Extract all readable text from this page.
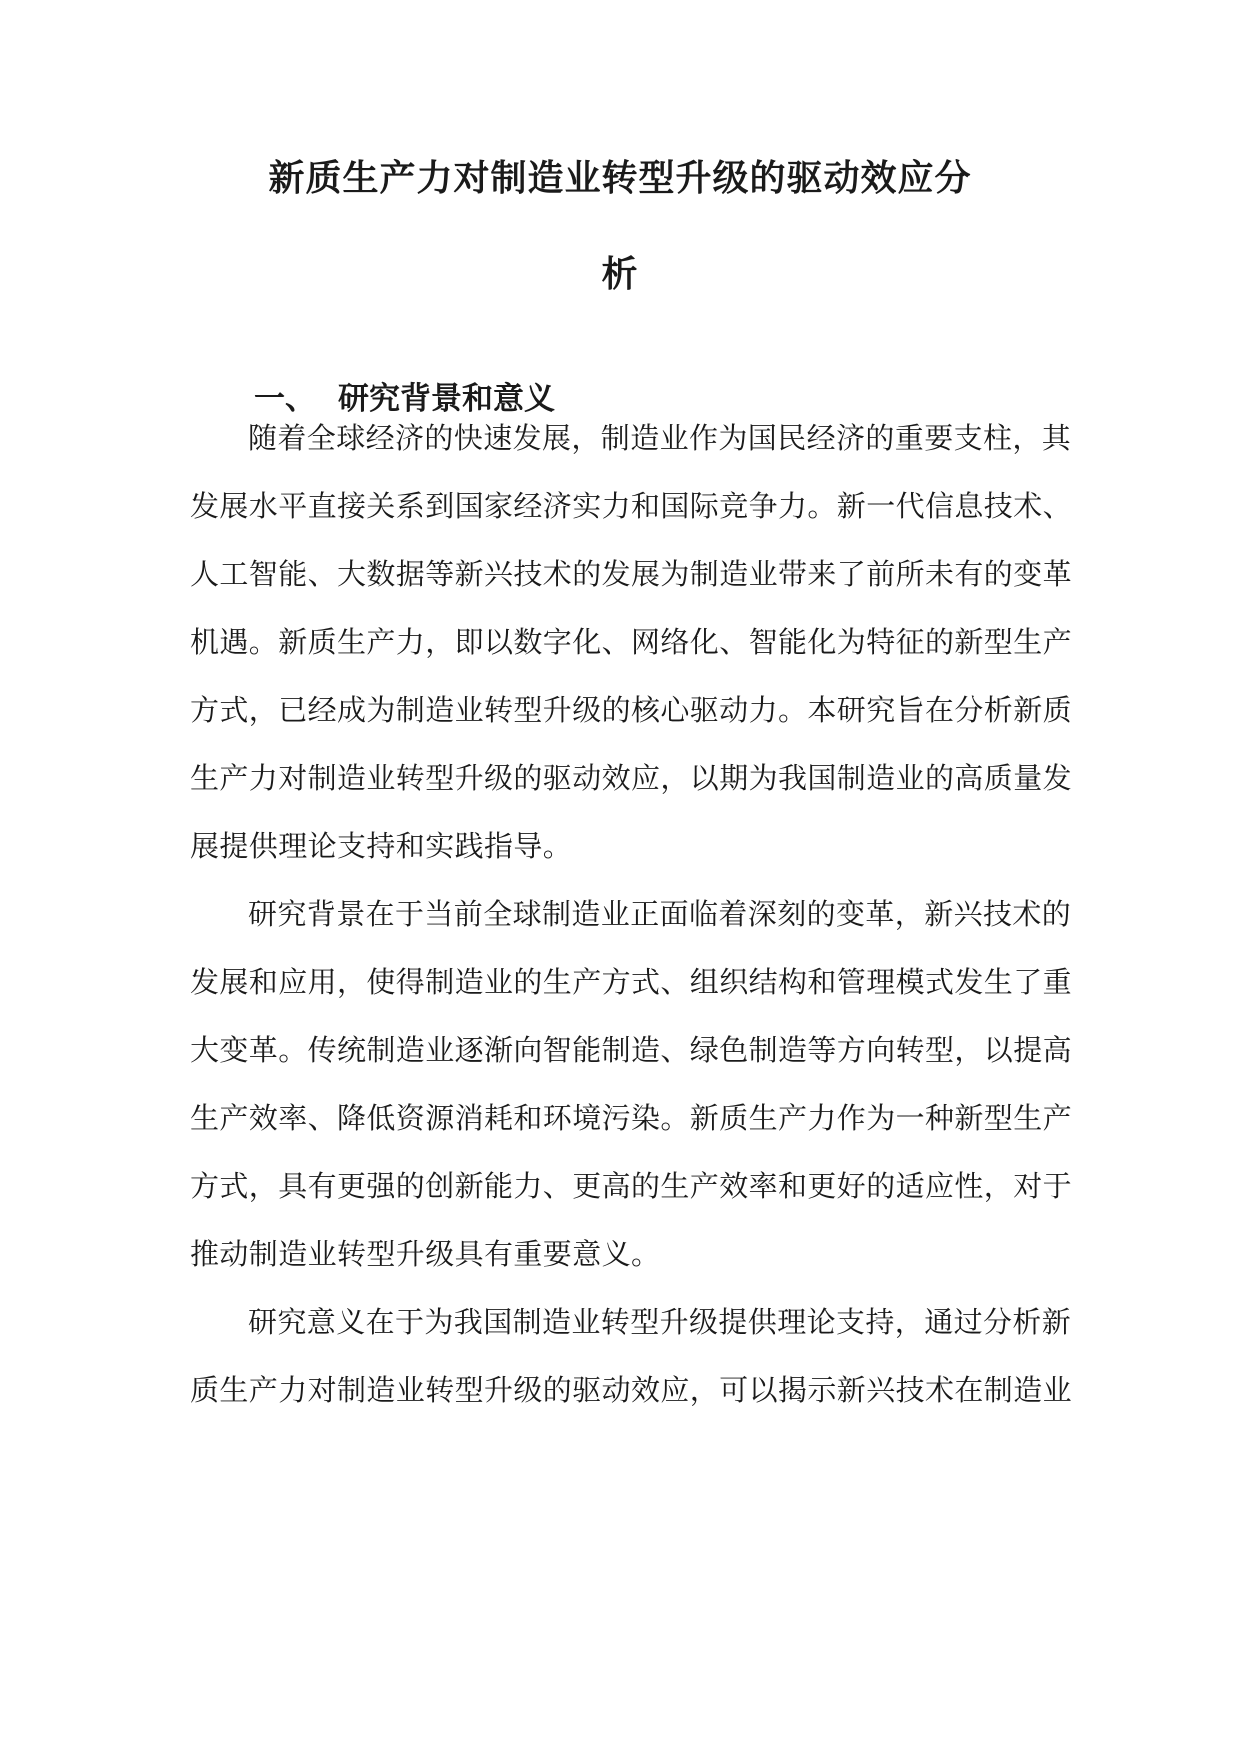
新质生产力对制造业转型升级的驱动效应分
析
一、 研究背景和意义
随着全球经济的快速发展，制造业作为国民经济的重要支柱，其
发展水平直接关系到国家经济实力和国际竞争力。新一代信息技术、
人工智能、大数据等新兴技术的发展为制造业带来了前所未有的变革
机遇。新质生产力，即以数字化、网络化、智能化为特征的新型生产
方式，已经成为制造业转型升级的核心驱动力。本研究旨在分析新质
生产力对制造业转型升级的驱动效应，以期为我国制造业的高质量发
展提供理论支持和实践指导。
研究背景在于当前全球制造业正面临着深刻的变革，新兴技术的
发展和应用，使得制造业的生产方式、组织结构和管理模式发生了重
大变革。传统制造业逐渐向智能制造、绿色制造等方向转型，以提高
生产效率、降低资源消耗和环境污染。新质生产力作为一种新型生产
方式，具有更强的创新能力、更高的生产效率和更好的适应性，对于
推动制造业转型升级具有重要意义。
研究意义在于为我国制造业转型升级提供理论支持，通过分析新
质生产力对制造业转型升级的驱动效应，可以揭示新兴技术在制造业
